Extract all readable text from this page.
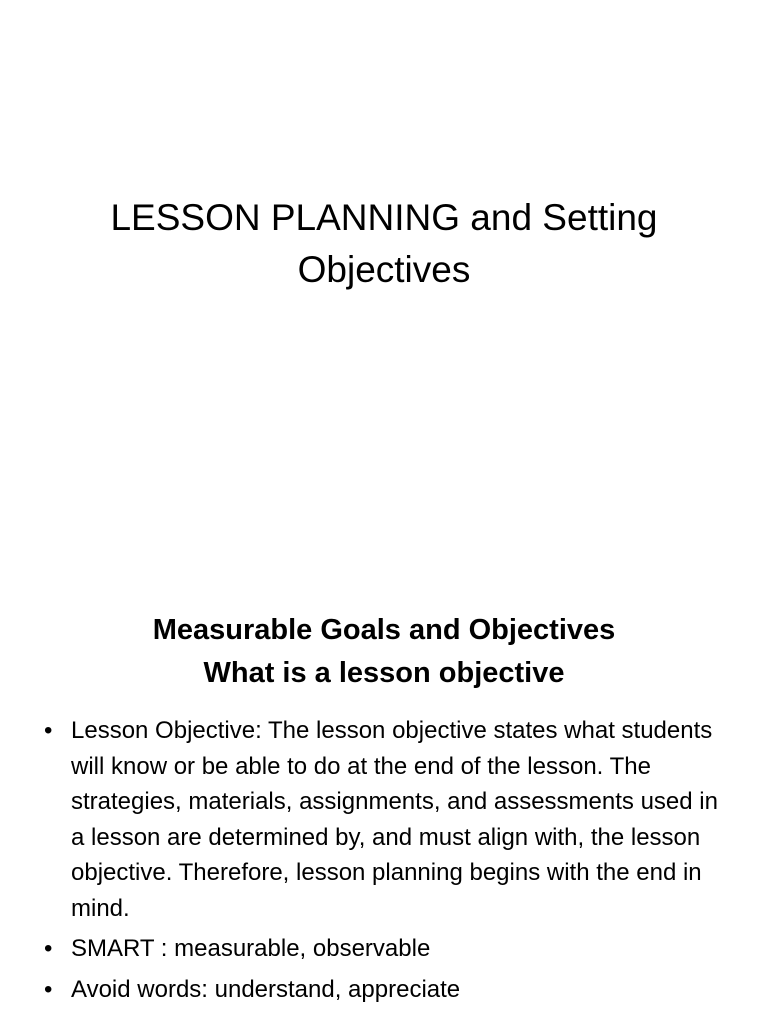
LESSON PLANNING and Setting Objectives
Measurable Goals and Objectives
What is a lesson objective
• Lesson Objective: The lesson objective states what students will know or be able to do at the end of the lesson. The strategies, materials, assignments, and assessments used in a lesson are determined by, and must align with, the lesson objective. Therefore, lesson planning begins with the end in mind.
• SMART : measurable, observable
• Avoid words: understand, appreciate
